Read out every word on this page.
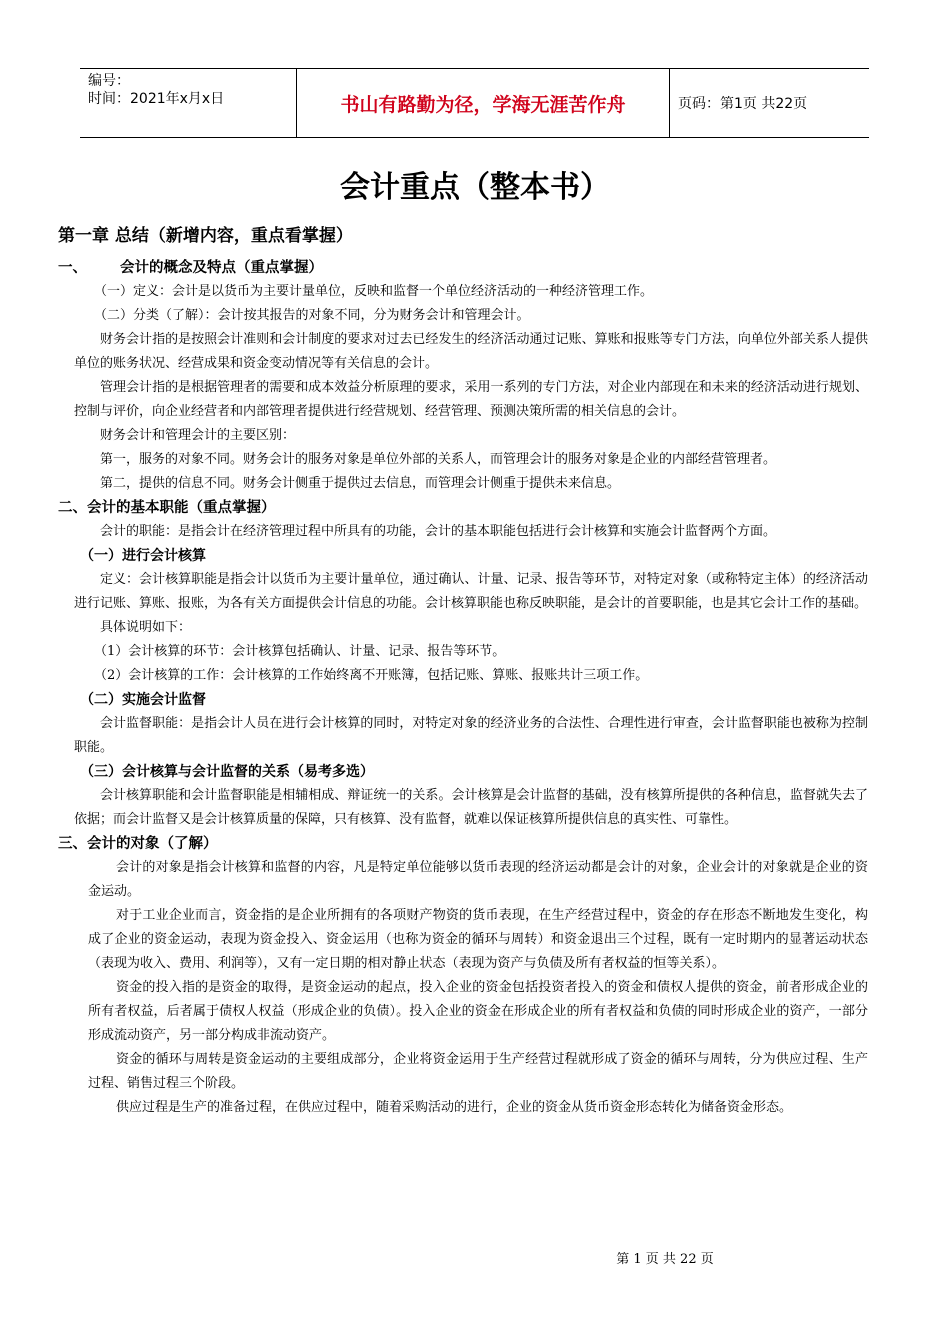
编号：
时间：2021年x月x日	书山有路勤为径，学海无涯苦作舟	页码：第1页 共22页
会计重点（整本书）
第一章 总结（新增内容，重点看掌握）
一、 会计的概念及特点（重点掌握）
（一）定义：会计是以货币为主要计量单位，反映和监督一个单位经济活动的一种经济管理工作。
（二）分类（了解）：会计按其报告的对象不同，分为财务会计和管理会计。
财务会计指的是按照会计准则和会计制度的要求对过去已经发生的经济活动通过记账、算账和报账等专门方法，向单位外部关系人提供单位的账务状况、经营成果和资金变动情况等有关信息的会计。
管理会计指的是根据管理者的需要和成本效益分析原理的要求，采用一系列的专门方法，对企业内部现在和未来的经济活动进行规划、控制与评价，向企业经营者和内部管理者提供进行经营规划、经营管理、预测决策所需的相关信息的会计。
财务会计和管理会计的主要区别：
第一，服务的对象不同。财务会计的服务对象是单位外部的关系人，而管理会计的服务对象是企业的内部经营管理者。
第二，提供的信息不同。财务会计侧重于提供过去信息，而管理会计侧重于提供未来信息。
二、会计的基本职能（重点掌握）
会计的职能：是指会计在经济管理过程中所具有的功能，会计的基本职能包括进行会计核算和实施会计监督两个方面。
（一）进行会计核算
定义：会计核算职能是指会计以货币为主要计量单位，通过确认、计量、记录、报告等环节，对特定对象（或称特定主体）的经济活动进行记账、算账、报账，为各有关方面提供会计信息的功能。会计核算职能也称反映职能，是会计的首要职能，也是其它会计工作的基础。
具体说明如下：
（1）会计核算的环节：会计核算包括确认、计量、记录、报告等环节。
（2）会计核算的工作：会计核算的工作始终离不开账簿，包括记账、算账、报账共计三项工作。
（二）实施会计监督
会计监督职能：是指会计人员在进行会计核算的同时，对特定对象的经济业务的合法性、合理性进行审查，会计监督职能也被称为控制职能。
（三）会计核算与会计监督的关系（易考多选）
会计核算职能和会计监督职能是相辅相成、辩证统一的关系。会计核算是会计监督的基础，没有核算所提供的各种信息，监督就失去了依据；而会计监督又是会计核算质量的保障，只有核算、没有监督，就难以保证核算所提供信息的真实性、可靠性。
三、会计的对象（了解）
会计的对象是指会计核算和监督的内容，凡是特定单位能够以货币表现的经济运动都是会计的对象，企业会计的对象就是企业的资金运动。
对于工业企业而言，资金指的是企业所拥有的各项财产物资的货币表现，在生产经营过程中，资金的存在形态不断地发生变化，构成了企业的资金运动，表现为资金投入、资金运用（也称为资金的循环与周转）和资金退出三个过程，既有一定时期内的显著运动状态（表现为收入、费用、利润等），又有一定日期的相对静止状态（表现为资产与负债及所有者权益的恒等关系）。
资金的投入指的是资金的取得，是资金运动的起点，投入企业的资金包括投资者投入的资金和债权人提供的资金，前者形成企业的所有者权益，后者属于债权人权益（形成企业的负债）。投入企业的资金在形成企业的所有者权益和负债的同时形成企业的资产，一部分形成流动资产，另一部分构成非流动资产。
资金的循环与周转是资金运动的主要组成部分，企业将资金运用于生产经营过程就形成了资金的循环与周转，分为供应过程、生产过程、销售过程三个阶段。
供应过程是生产的准备过程，在供应过程中，随着采购活动的进行，企业的资金从货币资金形态转化为储备资金形态。
第 1 页 共 22 页
